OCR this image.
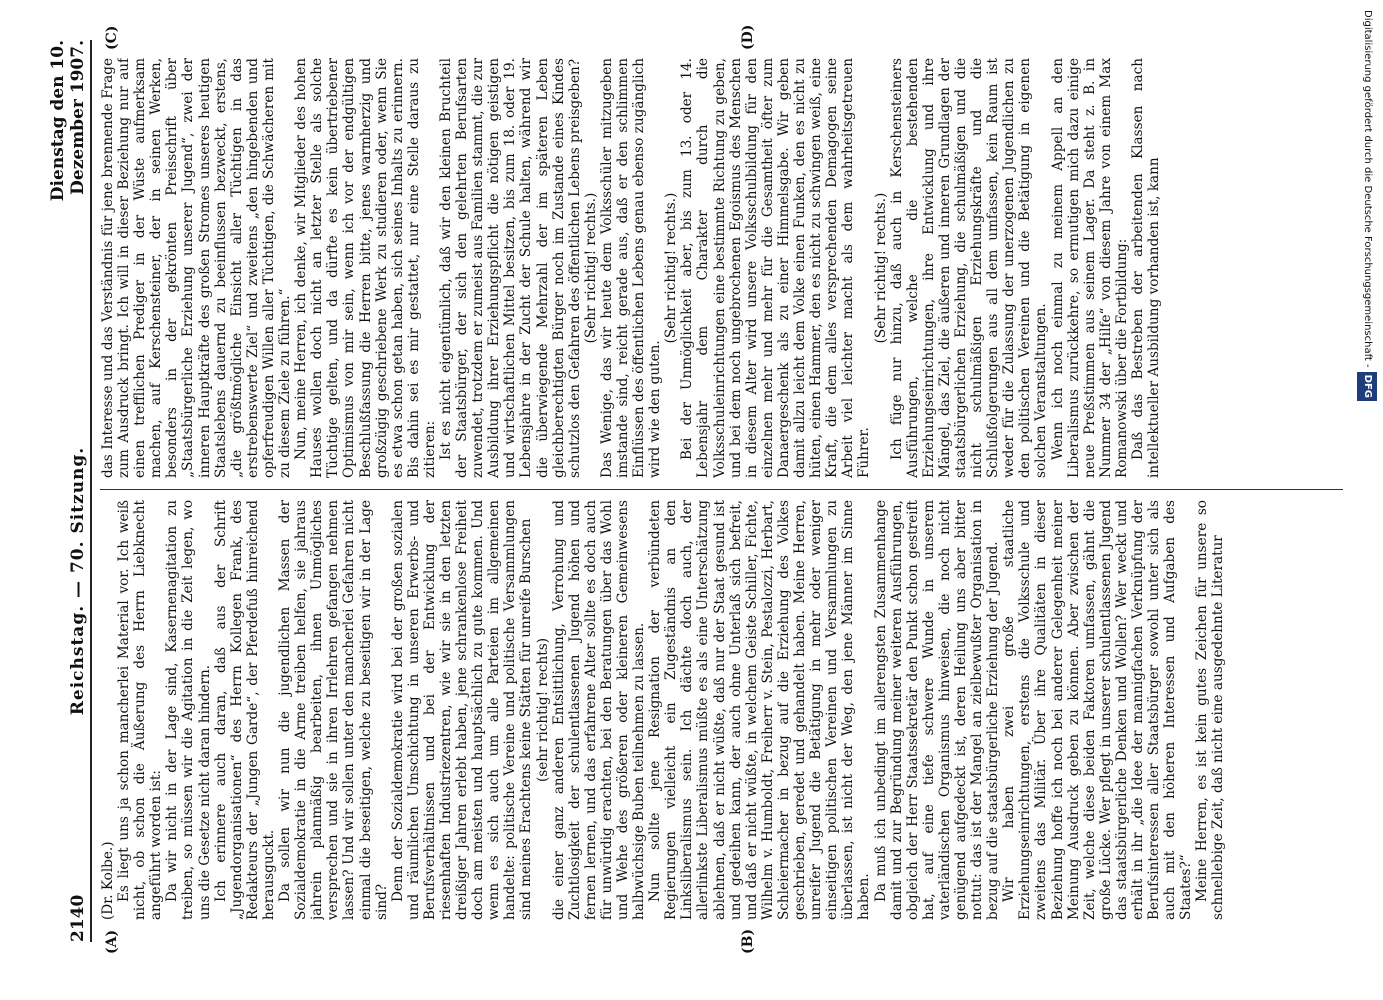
2140
Reichstag. — 70. Sitzung.
Dienstag den 10. Dezember 1907.
(A)	(B)
(C)	(D)

(Dr. Kolbe.) Es liegt uns ja schon mancherlei Material vor. Ich weiß nicht, ob schon die Äußerung des Herrn Liebknecht angeführt worden ist: Da wir nicht in der Lage sind, Kasernenagitation zu treiben, so müssen wir die Agitation in die Zeit legen, wo uns die Gesetze nicht daran hindern. Ich erinnere auch daran, daß aus der Schrift „Jugendorganisationen“ des Herrn Kollegen Frank, des Redakteurs der „Jungen Garde“, der Pferdefuß hinreichend herausguckt. Da sollen wir nun die jugendlichen Massen der Sozialdemokratie in die Arme treiben helfen, sie jahraus jahrein planmäßig bearbeiten, ihnen Unmögliches versprechen und sie in ihren Irrlehren gefangen nehmen lassen? Und wir sollen unter den mancherlei Gefahren nicht einmal die beseitigen, welche zu beseitigen wir in der Lage sind? Denn der Sozialdemokratie wird bei der großen sozialen und räumlichen Umschichtung in unseren Erwerbs- und Berufsverhältnissen und bei der Entwicklung der riesenhaften Industriezentren, wie wir sie in den letzten dreißiger Jahren erlebt haben, jene schrankenlose Freiheit doch am meisten und hauptsächlich zu gute kommen. Und wenn es sich auch um alle Parteien im allgemeinen handelte: politische Vereine und politische Versammlungen sind meines Erachtens keine Stätten für unreife Burschen (sehr richtig! rechts) die einer ganz anderen Entsittlichung, Verrohung und Zuchtlosigkeit der schulentlassenen Jugend höhen und fernen lernen, und das erfahrene Alter sollte es doch auch für unwürdig erachten, bei den Beratungen über das Wohl und Wehe des größeren oder kleineren Gemeinwesens halbwüchsige Buben teilnehmen zu lassen. Nun sollte jene Resignation der verbündeten Regierungen vielleicht ein Zugeständnis an den Linksliberalismus sein. Ich dächte doch auch, der allerlinkste Liberalismus müßte es als eine Unterschätzung ablehnen, daß er nicht wüßte, daß nur der Staat gesund ist und gedeihen kann, der auch ohne Unterlaß sich befreit, und daß er nicht wüßte, in welchem Geiste Schiller, Fichte, Wilhelm v. Humboldt, Freiherr v. Stein, Pestalozzi, Herbart, Schleiermacher in bezug auf die Erziehung des Volkes geschrieben, geredet und gehandelt haben. Meine Herren, unreifer Jugend die Betätigung in mehr oder weniger einseitigen politischen Vereinen und Versammlungen zu überlassen, ist nicht der Weg, den jene Männer im Sinne haben. Da muß ich unbedingt im allerengsten Zusammenhange damit und zur Begründung meiner weiteren Ausführungen, obgleich der Herr Staatssekretär den Punkt schon gestreift hat, auf eine tiefe schwere Wunde in unserem vaterländischen Organismus hinweisen, die noch nicht genügend aufgedeckt ist, deren Heilung uns aber bitter nottut: das ist der Mangel an zielbewußter Organisation in bezug auf die staatsbürgerliche Erziehung der Jugend. Wir haben zwei große staatliche Erziehungseinrichtungen, erstens die Volksschule und zweitens das Militär. Über ihre Qualitäten in dieser Beziehung hoffe ich noch bei anderer Gelegenheit meiner Meinung Ausdruck geben zu können. Aber zwischen der Zeit, welche diese beiden Faktoren umfassen, gähnt die große Lücke. Wer pflegt in unserer schulentlassenen Jugend das staatsbürgerliche Denken und Wollen? Wer weckt und erhält in ihr „die Idee der mannigfachen Verknüpfung der Berufsinteressen aller Staatsbürger sowohl unter sich als auch mit den höheren Interessen und Aufgaben des Staates?“ Meine Herren, es ist kein gutes Zeichen für unsere so schnellebige Zeit, daß nicht eine ausgedehnte Literatur

das Interesse und das Verständnis für jene brennende Frage zum Ausdruck bringt. Ich will in dieser Beziehung nur auf einen trefflichen Prediger in der Wüste aufmerksam machen, auf Kerschensteiner, der in seinen Werken, besonders in der gekrönten Preisschrift über „Staatsbürgerliche Erziehung unserer Jugend“, zwei der inneren Hauptkräfte des großen Stromes unseres heutigen Staatslebens dauernd zu beeinflussen bezweckt, erstens, „die größtmögliche Einsicht aller Tüchtigen in das erstrebenswerte Ziel“ und zweitens „den hingebenden und opferfreudigen Willen aller Tüchtigen, die Schwächeren mit zu diesem Ziele zu führen.“ Nun, meine Herren, ich denke, wir Mitglieder des hohen Hauses wollen doch nicht an letzter Stelle als solche Tüchtige gelten, und da dürfte es kein übertriebener Optimismus von mir sein, wenn ich vor der endgültigen Beschlußfassung die Herren bitte, jenes warmherzig und großzügig geschriebene Werk zu studieren oder, wenn Sie es etwa schon getan haben, sich seines Inhalts zu erinnern. Bis dahin sei es mir gestattet, nur eine Stelle daraus zu zitieren: Ist es nicht eigentümlich, daß wir den kleinen Bruchteil der Staatsbürger, der sich den gelehrten Berufsarten zuwendet, trotzdem er zumeist aus Familien stammt, die zur Ausbildung ihrer Erziehungspflicht die nötigen geistigen und wirtschaftlichen Mittel besitzen, bis zum 18. oder 19. Lebensjahre in der Zucht der Schule halten, während wir die überwiegende Mehrzahl der im späteren Leben gleichberechtigten Bürger noch im Zustande eines Kindes schutzlos den Gefahren des öffentlichen Lebens preisgeben? (Sehr richtig! rechts.) Das Wenige, das wir heute dem Volksschüler mitzugeben imstande sind, reicht gerade aus, daß er den schlimmen Einflüssen des öffentlichen Lebens genau ebenso zugänglich wird wie den guten.

(Sehr richtig! rechts.) Bei der Unmöglichkeit aber, bis zum 13. oder 14. Lebensjahr dem Charakter durch die Volksschuleinrichtungen eine bestimmte Richtung zu geben, und bei dem noch ungebrochenen Egoismus des Menschen in diesem Alter wird unsere Volksschulbildung für den einzelnen mehr und mehr für die Gesamtheit öfter zum Danaergeschenk als zu einer Himmelsgabe. Wir geben damit allzu leicht dem Volke einen Funken, den es nicht zu hüten, einen Hammer, den es nicht zu schwingen weiß, eine Kraft, die dem alles versprechenden Demagogen seine Arbeit viel leichter macht als dem wahrheitsgetreuen Führer.

(Sehr richtig! rechts.) Ich füge nur hinzu, daß auch in Kerschensteiners Ausführungen, welche die bestehenden Erziehungseinrichtungen, ihre Entwicklung und ihre Mängel, das Ziel, die äußeren und inneren Grundlagen der staatsbürgerlichen Erziehung, die schulmäßigen und die nicht schulmäßigen Erziehungskräfte und die Schlußfolgerungen aus all dem umfassen, kein Raum ist weder für die Zulassung der unerzogenen Jugendlichen zu den politischen Vereinen und die Betätigung in eigenen solchen Veranstaltungen. Wenn ich noch einmal zu meinem Appell an den Liberalismus zurückkehre, so ermutigen mich dazu einige neue Preßstimmen aus seinem Lager. Da steht z. B. in Nummer 34 der „Hilfe“ von diesem Jahre von einem Max Romanowski über die Fortbildung: Daß das Bestreben der arbeitenden Klassen nach intellektueller Ausbildung vorhanden ist, kann	Digitalisierung gefördert durch die Deutsche Forschungsgemeinschaft -DFG
